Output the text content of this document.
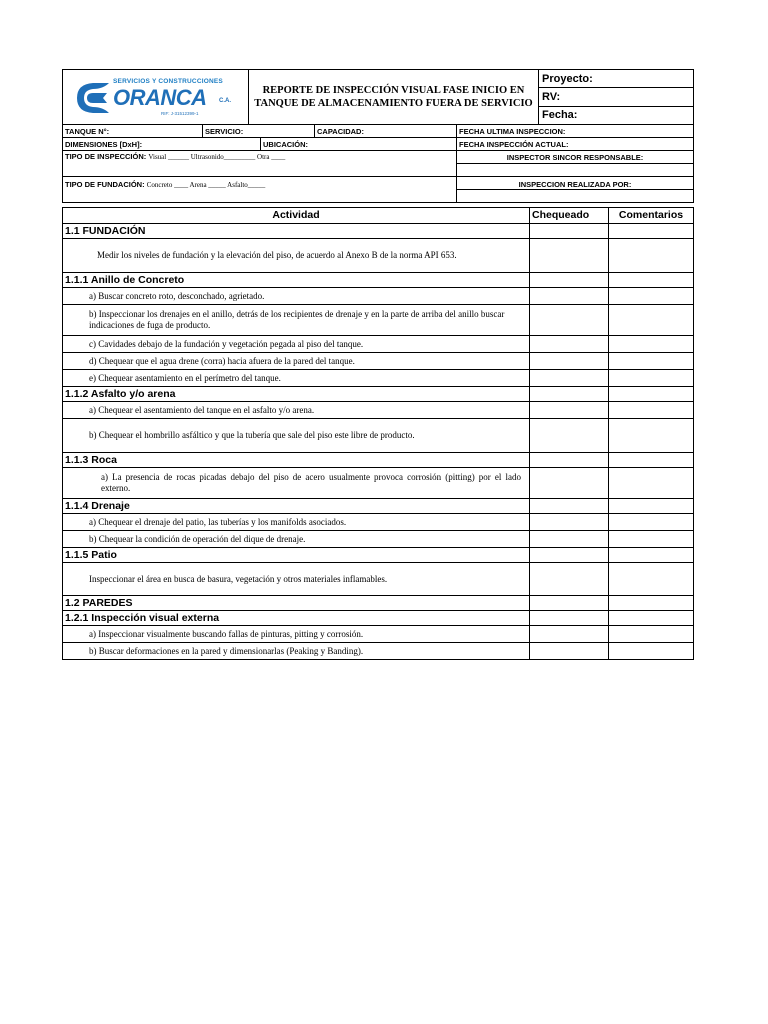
SERVICIOS Y CONSTRUCCIONES
ORANCA C.A.
RIF: J-31512399-1

REPORTE DE INSPECCIÓN VISUAL FASE INICIO EN
TANQUE DE ALMACENAMIENTO FUERA DE SERVICIO
	Proyecto:
RV:
Fecha:
TANQUE N°:	SERVICIO:		CAPACIDAD:	FECHA ULTIMA INSPECCION:
DIMENSIONES [DxH]:		UBICACIÓN:		FECHA INSPECCIÓN ACTUAL:
TIPO DE INSPECCIÓN: Visual ______ Ultrasonido_________ Otra ____				INSPECTOR SINCOR RESPONSABLE:

TIPO DE FUNDACIÓN: Concreto ____ Arena _____ Asfalto_____				INSPECCION REALIZADA POR:

Actividad	Chequeado	Comentarios
1.1 FUNDACIÓN		
Medir los niveles de fundación y la elevación del piso, de acuerdo al Anexo B de la norma API 653.		
1.1.1 Anillo de Concreto		
a) Buscar concreto roto, desconchado, agrietado.		
b) Inspeccionar los drenajes en el anillo, detrás de los recipientes de drenaje y en la parte de arriba del anillo buscar indicaciones de fuga de producto.		
c) Cavidades debajo de la fundación y vegetación pegada al piso del tanque.		
d) Chequear que el agua drene (corra) hacia afuera de la pared del tanque.		
e) Chequear asentamiento en el perímetro del tanque.		
1.1.2 Asfalto y/o arena		
a) Chequear el asentamiento del tanque en el asfalto y/o arena.		
b) Chequear el hombrillo asfáltico y que la tubería que sale del piso este libre de producto.		
1.1.3 Roca		
a) La presencia de rocas picadas debajo del piso de acero usualmente provoca corrosión (pitting) por el lado externo.		
1.1.4 Drenaje		
a) Chequear el drenaje del patio, las tuberías y los manifolds asociados.		
b) Chequear la condición de operación del dique de drenaje.		
1.1.5 Patio		
Inspeccionar el área en busca de basura, vegetación y otros materiales inflamables.		
1.2 PAREDES		
1.2.1 Inspección visual externa		
a) Inspeccionar visualmente buscando fallas de pinturas, pitting y corrosión.		
b) Buscar deformaciones en la pared y dimensionarlas (Peaking y Banding).		
